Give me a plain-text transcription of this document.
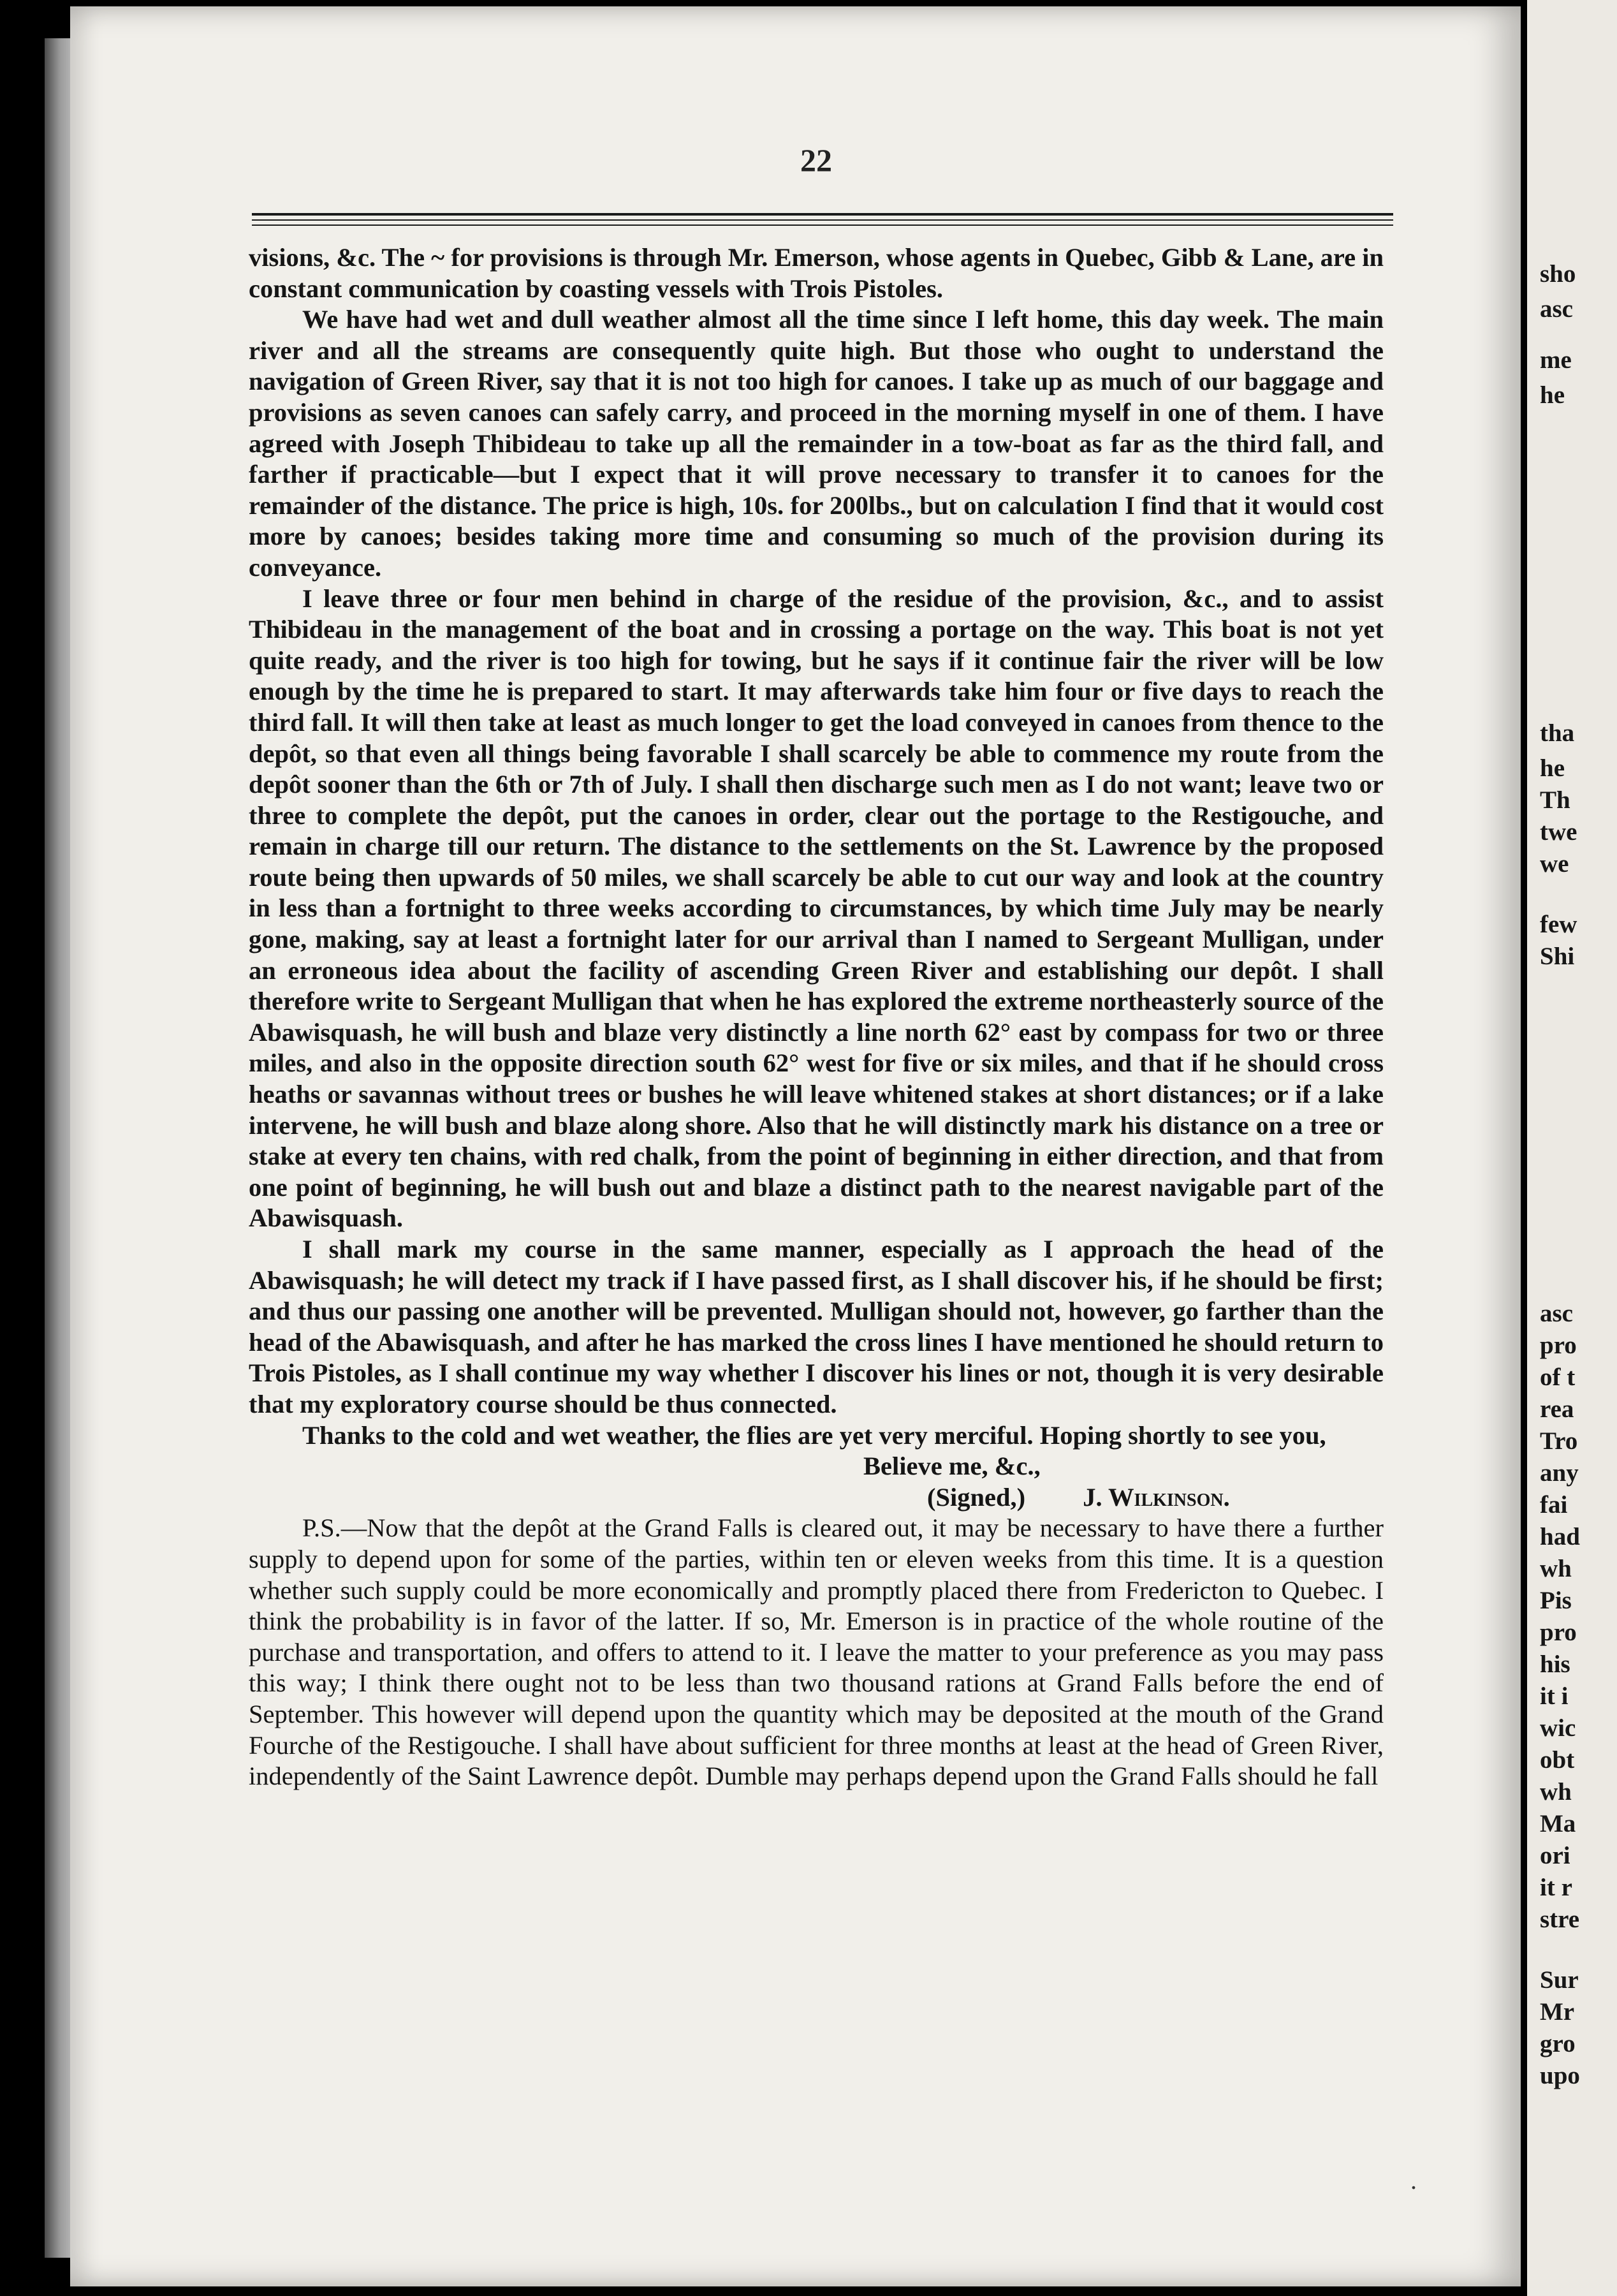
sho
asc
me
he
tha
he
Th
twe
we
few
Shi
asc
pro
of t
rea
Tro
any
fai
had
wh
Pis
pro
his
it i
wic
obt
wh
Ma
ori
it r
stre
Sur
Mr
gro
upo
22

visions, &c. The ~ for provisions is through Mr. Emerson, whose agents in Quebec, Gibb & Lane, are in constant communication by coasting vessels with Trois Pistoles.

We have had wet and dull weather almost all the time since I left home, this day week. The main river and all the streams are consequently quite high. But those who ought to understand the navigation of Green River, say that it is not too high for canoes. I take up as much of our baggage and provisions as seven canoes can safely carry, and proceed in the morning myself in one of them. I have agreed with Joseph Thibideau to take up all the remainder in a tow-boat as far as the third fall, and farther if practicable—but I expect that it will prove necessary to transfer it to canoes for the remainder of the distance. The price is high, 10s. for 200lbs., but on calculation I find that it would cost more by canoes; besides taking more time and consuming so much of the provision during its conveyance.

I leave three or four men behind in charge of the residue of the provision, &c., and to assist Thibideau in the management of the boat and in crossing a portage on the way. This boat is not yet quite ready, and the river is too high for towing, but he says if it continue fair the river will be low enough by the time he is prepared to start. It may afterwards take him four or five days to reach the third fall. It will then take at least as much longer to get the load conveyed in canoes from thence to the depôt, so that even all things being favorable I shall scarcely be able to commence my route from the depôt sooner than the 6th or 7th of July. I shall then discharge such men as I do not want; leave two or three to complete the depôt, put the canoes in order, clear out the portage to the Restigouche, and remain in charge till our return. The distance to the settlements on the St. Lawrence by the proposed route being then upwards of 50 miles, we shall scarcely be able to cut our way and look at the country in less than a fortnight to three weeks according to circumstances, by which time July may be nearly gone, making, say at least a fortnight later for our arrival than I named to Sergeant Mulligan, under an erroneous idea about the facility of ascending Green River and establishing our depôt. I shall therefore write to Sergeant Mulligan that when he has explored the extreme northeasterly source of the Abawisquash, he will bush and blaze very distinctly a line north 62° east by compass for two or three miles, and also in the opposite direction south 62° west for five or six miles, and that if he should cross heaths or savannas without trees or bushes he will leave whitened stakes at short distances; or if a lake intervene, he will bush and blaze along shore. Also that he will distinctly mark his distance on a tree or stake at every ten chains, with red chalk, from the point of beginning in either direction, and that from one point of beginning, he will bush out and blaze a distinct path to the nearest navigable part of the Abawisquash.

I shall mark my course in the same manner, especially as I approach the head of the Abawisquash; he will detect my track if I have passed first, as I shall discover his, if he should be first; and thus our passing one another will be prevented. Mulligan should not, however, go farther than the head of the Abawisquash, and after he has marked the cross lines I have mentioned he should return to Trois Pistoles, as I shall continue my way whether I discover his lines or not, though it is very desirable that my exploratory course should be thus connected.

Thanks to the cold and wet weather, the flies are yet very merciful. Hoping shortly to see you,

Believe me, &c.,

(Signed,) J. Wilkinson.

P.S.—Now that the depôt at the Grand Falls is cleared out, it may be necessary to have there a further supply to depend upon for some of the parties, within ten or eleven weeks from this time. It is a question whether such supply could be more economically and promptly placed there from Fredericton to Quebec. I think the probability is in favor of the latter. If so, Mr. Emerson is in practice of the whole routine of the purchase and transportation, and offers to attend to it. I leave the matter to your preference as you may pass this way; I think there ought not to be less than two thousand rations at Grand Falls before the end of September. This however will depend upon the quantity which may be deposited at the mouth of the Grand Fourche of the Restigouche. I shall have about sufficient for three months at least at the head of Green River, independently of the Saint Lawrence depôt. Dumble may perhaps depend upon the Grand Falls should he fall

.
